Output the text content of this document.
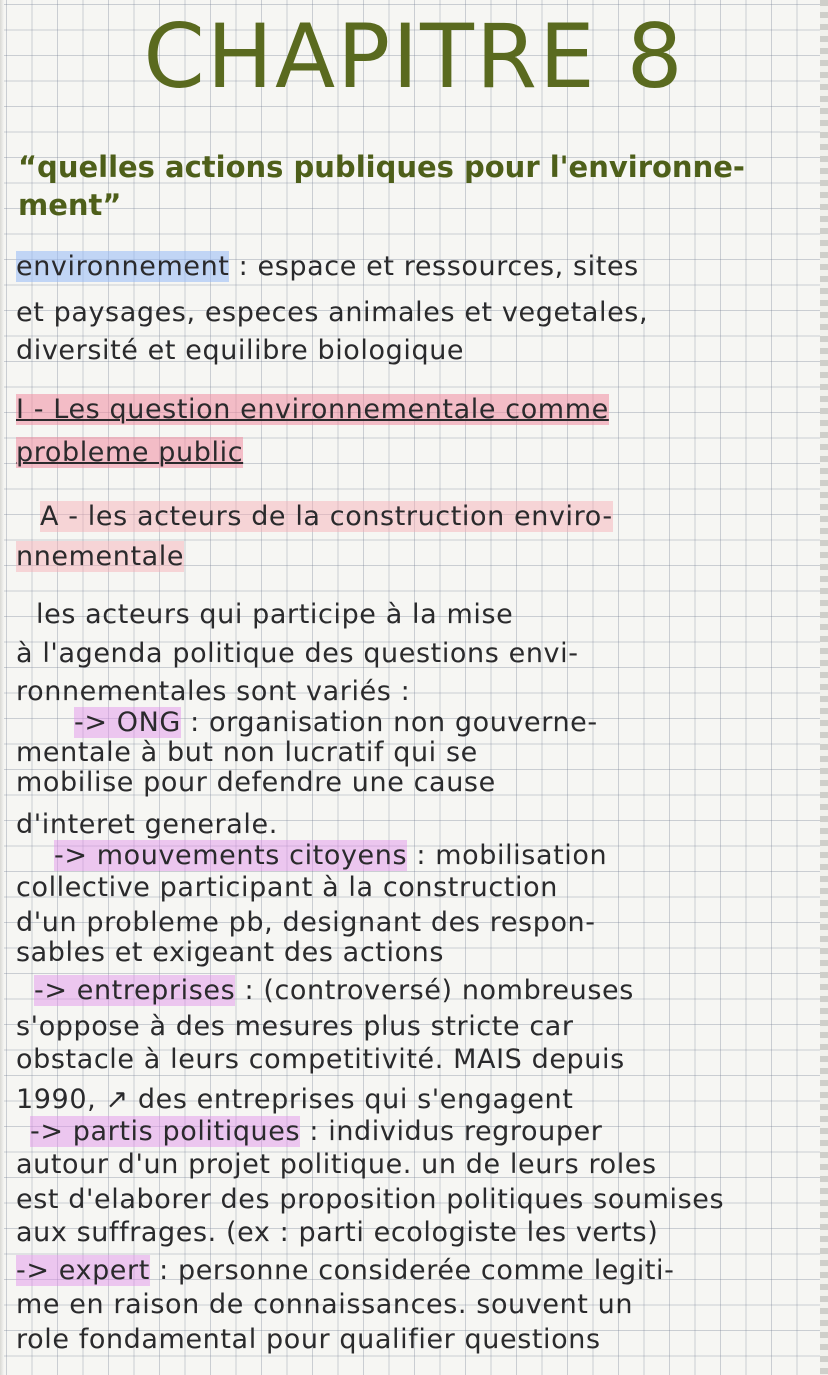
CHAPITRE 8

“quelles actions publiques pour l'environne-

ment”

environnement : espace et ressources, sites

et paysages, especes animales et vegetales,

diversité et equilibre biologique

I - Les question environnementale comme

probleme public

A - les acteurs de la construction enviro-

nnementale

les acteurs qui participe à la mise

à l'agenda politique des questions envi-

ronnementales sont variés :

-> ONG : organisation non gouverne-

mentale à but non lucratif qui se

mobilise pour defendre une cause

d'interet generale.

-> mouvements citoyens : mobilisation

collective participant à la construction

d'un probleme pb, designant des respon-

sables et exigeant des actions

-> entreprises : (controversé) nombreuses

s'oppose à des mesures plus stricte car

obstacle à leurs competitivité. MAIS depuis

1990, ↗ des entreprises qui s'engagent

-> partis politiques : individus regrouper

autour d'un projet politique. un de leurs roles

est d'elaborer des proposition politiques soumises

aux suffrages. (ex : parti ecologiste les verts)

-> expert : personne considerée comme legiti-

me en raison de connaissances. souvent un

role fondamental pour qualifier questions
